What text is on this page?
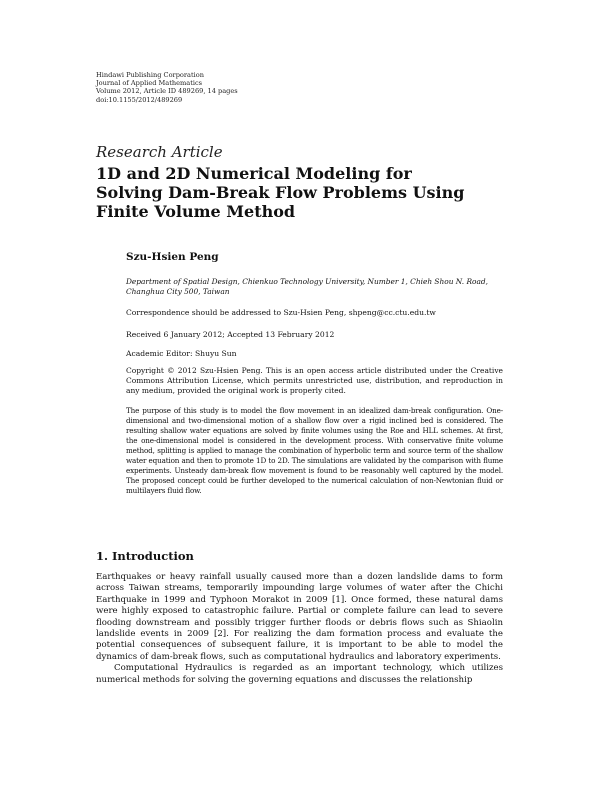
Hindawi Publishing Corporation
Journal of Applied Mathematics
Volume 2012, Article ID 489269, 14 pages
doi:10.1155/2012/489269
Research Article
1D and 2D Numerical Modeling for
Solving Dam-Break Flow Problems Using
Finite Volume Method
Szu-Hsien Peng
Department of Spatial Design, Chienkuo Technology University, Number 1, Chieh Shou N. Road,
Changhua City 500, Taiwan
Correspondence should be addressed to Szu-Hsien Peng, shpeng@cc.ctu.edu.tw
Received 6 January 2012; Accepted 13 February 2012
Academic Editor: Shuyu Sun
Copyright © 2012 Szu-Hsien Peng. This is an open access article distributed under the Creative Commons Attribution License, which permits unrestricted use, distribution, and reproduction in any medium, provided the original work is properly cited.
The purpose of this study is to model the flow movement in an idealized dam-break configuration. One-dimensional and two-dimensional motion of a shallow flow over a rigid inclined bed is considered. The resulting shallow water equations are solved by finite volumes using the Roe and HLL schemes. At first, the one-dimensional model is considered in the development process. With conservative finite volume method, splitting is applied to manage the combination of hyperbolic term and source term of the shallow water equation and then to promote 1D to 2D. The simulations are validated by the comparison with flume experiments. Unsteady dam-break flow movement is found to be reasonably well captured by the model. The proposed concept could be further developed to the numerical calculation of non-Newtonian fluid or multilayers fluid flow.
1. Introduction

Earthquakes or heavy rainfall usually caused more than a dozen landslide dams to form across Taiwan streams, temporarily impounding large volumes of water after the Chichi Earthquake in 1999 and Typhoon Morakot in 2009 [1]. Once formed, these natural dams were highly exposed to catastrophic failure. Partial or complete failure can lead to severe flooding downstream and possibly trigger further floods or debris flows such as Shiaolin landslide events in 2009 [2]. For realizing the dam formation process and evaluate the potential consequences of subsequent failure, it is important to be able to model the dynamics of dam-break flows, such as computational hydraulics and laboratory experiments.

Computational Hydraulics is regarded as an important technology, which utilizes numerical methods for solving the governing equations and discusses the relationship
